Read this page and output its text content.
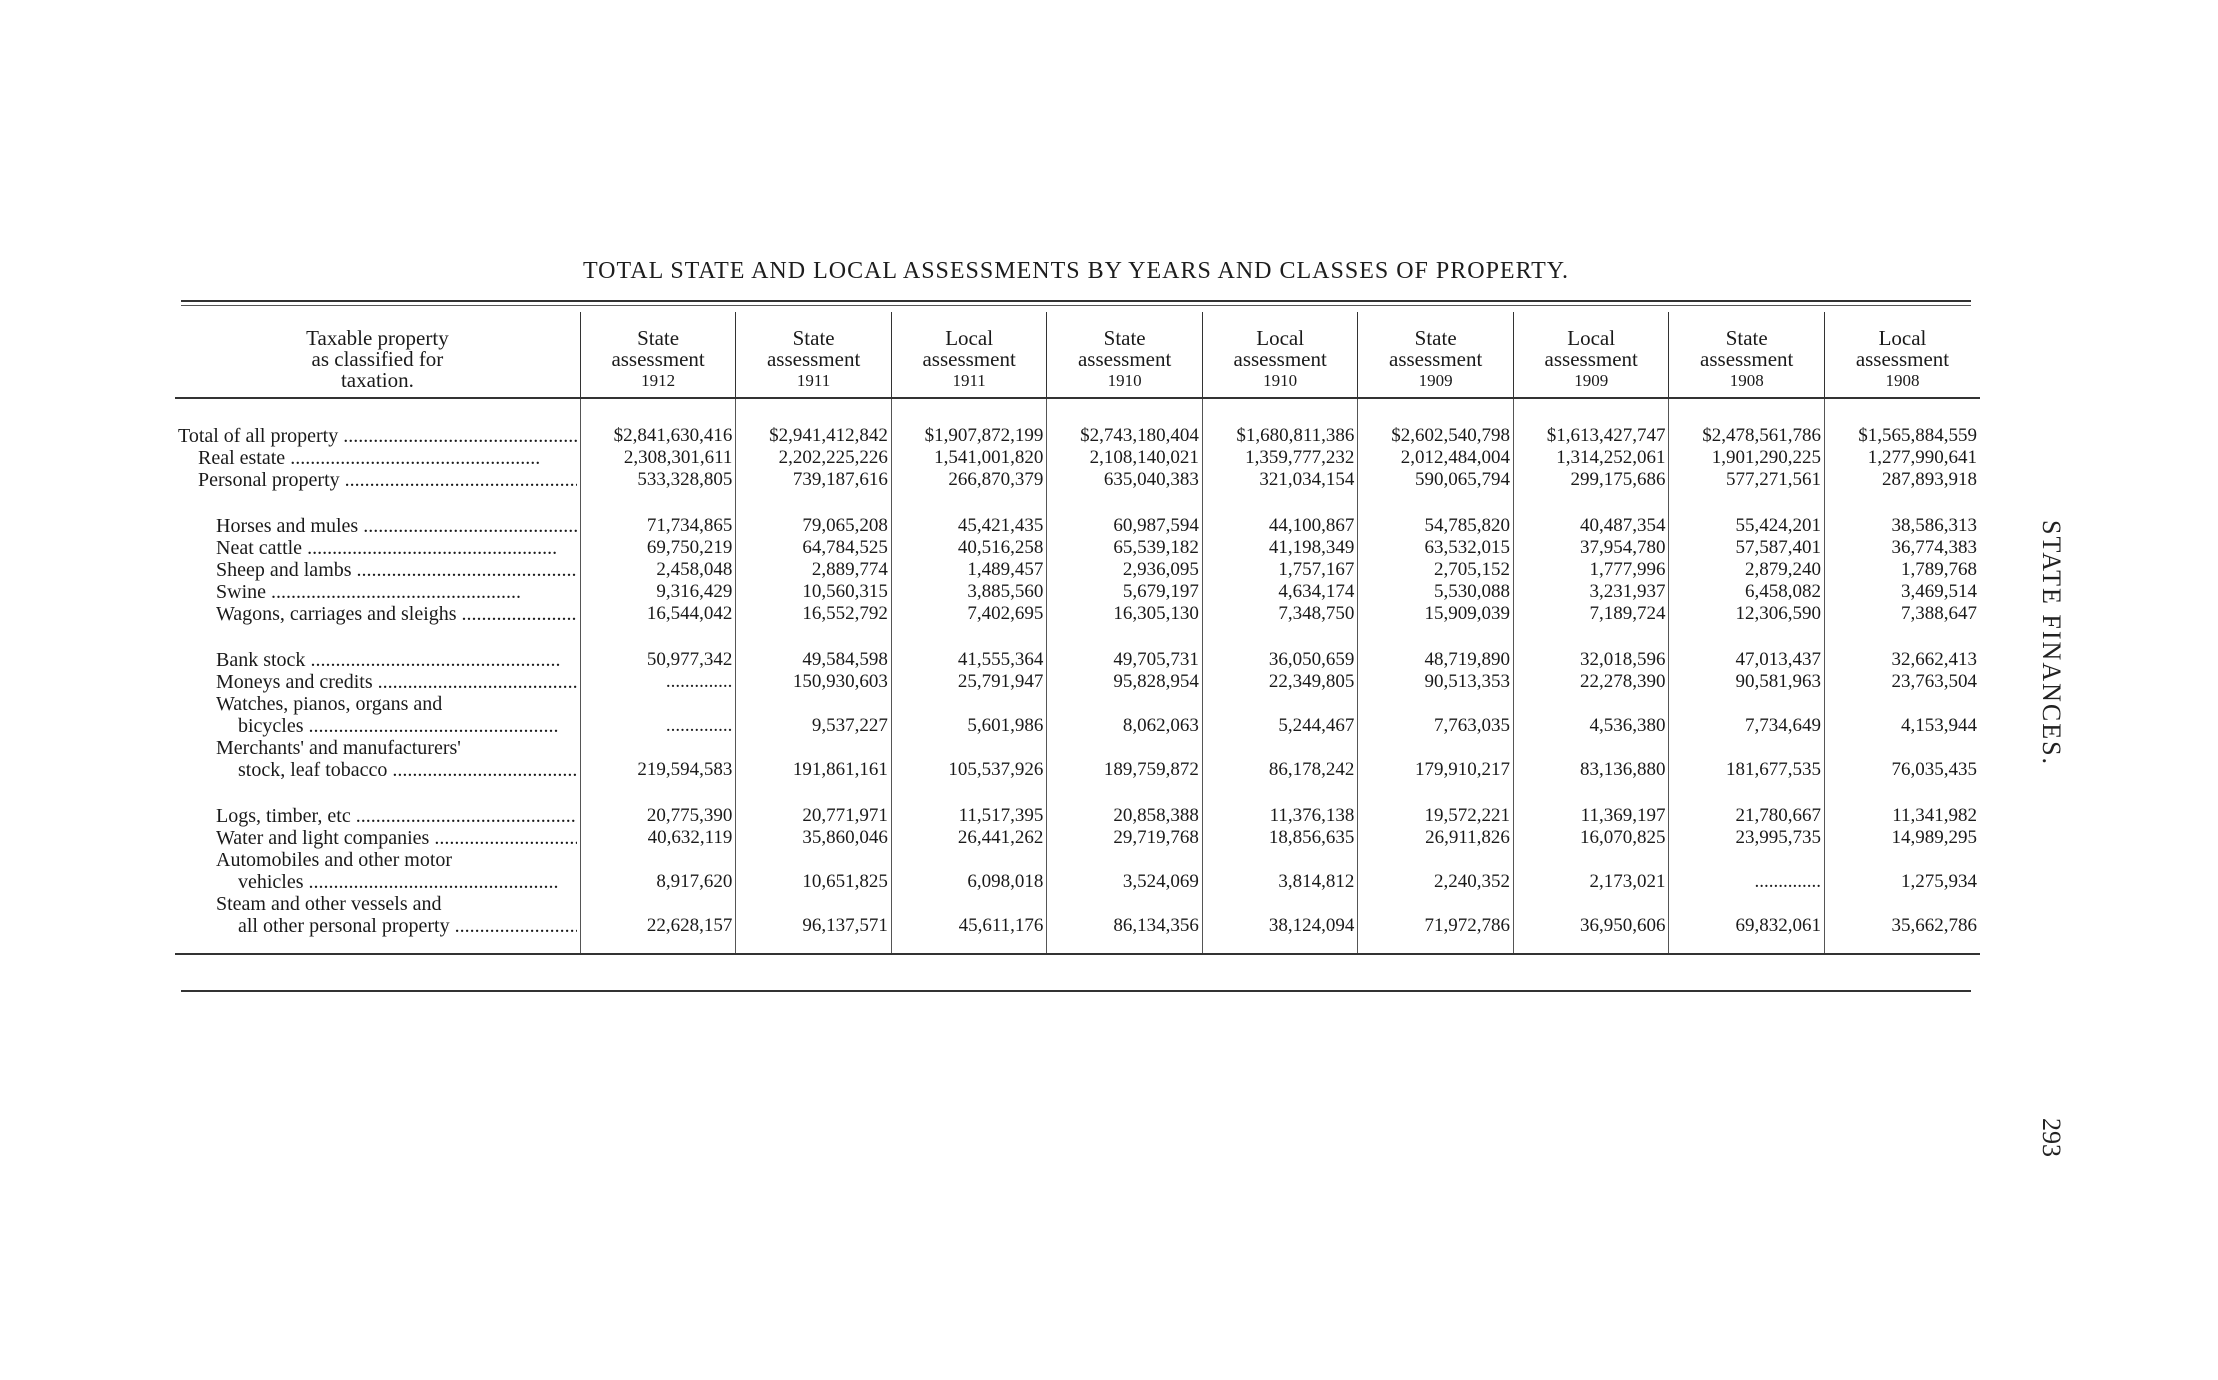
TOTAL STATE AND LOCAL ASSESSMENTS BY YEARS AND CLASSES OF PROPERTY.
Taxable property
as classified for
taxation.	State
assessment
1912	State
assessment
1911	Local
assessment
1911	State
assessment
1910	Local
assessment
1910	State
assessment
1909	Local
assessment
1909	State
assessment
1908	Local
assessment
1908

Total of all property .....	$2,841,630,416	$2,941,412,842	$1,907,872,199	$2,743,180,404	$1,680,811,386	$2,602,540,798	$1,613,427,747	$2,478,561,786	$1,565,884,559

Real estate .....	2,308,301,611	2,202,225,226	1,541,001,820	2,108,140,021	1,359,777,232	2,012,484,004	1,314,252,061	1,901,290,225	1,277,990,641

Personal property .....	533,328,805	739,187,616	266,870,379	635,040,383	321,034,154	590,065,794	299,175,686	577,271,561	287,893,918

Horses and mules .....	71,734,865	79,065,208	45,421,435	60,987,594	44,100,867	54,785,820	40,487,354	55,424,201	38,586,313

Neat cattle .....	69,750,219	64,784,525	40,516,258	65,539,182	41,198,349	63,532,015	37,954,780	57,587,401	36,774,383

Sheep and lambs .....	2,458,048	2,889,774	1,489,457	2,936,095	1,757,167	2,705,152	1,777,996	2,879,240	1,789,768

Swine .....	9,316,429	10,560,315	3,885,560	5,679,197	4,634,174	5,530,088	3,231,937	6,458,082	3,469,514

Wagons, carriages and sleighs .....	16,544,042	16,552,792	7,402,695	16,305,130	7,348,750	15,909,039	7,189,724	12,306,590	7,388,647

Bank stock .....	50,977,342	49,584,598	41,555,364	49,705,731	36,050,659	48,719,890	32,018,596	47,013,437	32,662,413

Moneys and credits .....	..............	150,930,603	25,791,947	95,828,954	22,349,805	90,513,353	22,278,390	90,581,963	23,763,504

Watches, pianos, organs and
bicycles .....	..............	9,537,227	5,601,986	8,062,063	5,244,467	7,763,035	4,536,380	7,734,649	4,153,944

Merchants' and manufacturers'
stock, leaf tobacco .....	219,594,583	191,861,161	105,537,926	189,759,872	86,178,242	179,910,217	83,136,880	181,677,535	76,035,435

Logs, timber, etc .....	20,775,390	20,771,971	11,517,395	20,858,388	11,376,138	19,572,221	11,369,197	21,780,667	11,341,982

Water and light companies .....	40,632,119	35,860,046	26,441,262	29,719,768	18,856,635	26,911,826	16,070,825	23,995,735	14,989,295

Automobiles and other motor
vehicles .....	8,917,620	10,651,825	6,098,018	3,524,069	3,814,812	2,240,352	2,173,021	..............	1,275,934

Steam and other vessels and
all other personal property .....	22,628,157	96,137,571	45,611,176	86,134,356	38,124,094	71,972,786	36,950,606	69,832,061	35,662,786
STATE FINANCES.
293
